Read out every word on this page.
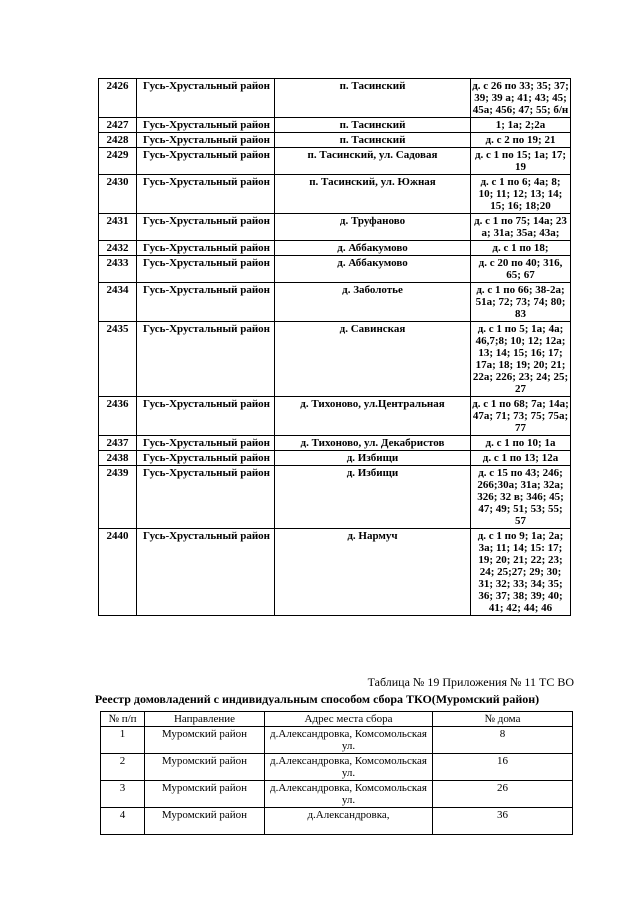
2426	Гусь-Хрустальный район	п. Тасинский	д. с 26 по 33; 35; 37; 39; 39 а; 41; 43; 45; 45а; 456; 47; 55; б/н
2427	Гусь-Хрустальный район	п. Тасинский	1; 1а; 2;2а
2428	Гусь-Хрустальный район	п. Тасинский	д. с 2 по 19; 21
2429	Гусь-Хрустальный район	п. Тасинский, ул. Садовая	д. с 1 по 15; 1а; 17; 19
2430	Гусь-Хрустальный район	п. Тасинский, ул. Южная	д. с 1 по 6; 4а; 8; 10; 11; 12; 13; 14; 15; 16; 18;20
2431	Гусь-Хрустальный район	д. Труфаново	д. с 1 по 75; 14а; 23 а; 31а; 35а; 43а;
2432	Гусь-Хрустальный район	д. Аббакумово	д. с 1 по 18;
2433	Гусь-Хрустальный район	д. Аббакумово	д. с 20 по 40; 316, 65; 67
2434	Гусь-Хрустальный район	д. Заболотье	д. с 1 по 66; 38-2а; 51а; 72; 73; 74; 80; 83
2435	Гусь-Хрустальный район	д. Савинская	д. с 1 по 5; 1а; 4а; 46,7;8; 10; 12; 12а; 13; 14; 15; 16; 17; 17а; 18; 19; 20; 21; 22а; 226; 23; 24; 25; 27
2436	Гусь-Хрустальный район	д. Тихоново, ул.Центральная	д. с 1 по 68; 7а; 14а; 47а; 71; 73; 75; 75а; 77
2437	Гусь-Хрустальный район	д. Тихоново, ул. Декабристов	д. с 1 по 10; 1а
2438	Гусь-Хрустальный район	д. Избищи	д. с 1 по 13; 12а
2439	Гусь-Хрустальный район	д. Избищи	д. с 15 по 43; 246; 266;30а; 31а; 32а; 326; 32 в; 346; 45; 47; 49; 51; 53; 55; 57
2440	Гусь-Хрустальный район	д. Нармуч	д. с 1 по 9; 1а; 2а; 3а; 11; 14; 15: 17; 19; 20; 21; 22; 23; 24; 25;27; 29; 30; 31; 32; 33; 34; 35; 36; 37; 38; 39; 40; 41; 42; 44; 46
Таблица № 19 Приложения № 11 ТС ВО
Реестр домовладений с индивидуальным способом сбора ТКО(Муромский район)
№ п/п	Направление	Адрес места сбора	№ дома
1	Муромский район	д.Александровка, Комсомольская ул.	8
2	Муромский район	д.Александровка, Комсомольская ул.	16
3	Муромский район	д.Александровка, Комсомольская ул.	26
4	Муромский район	д.Александровка,	36
